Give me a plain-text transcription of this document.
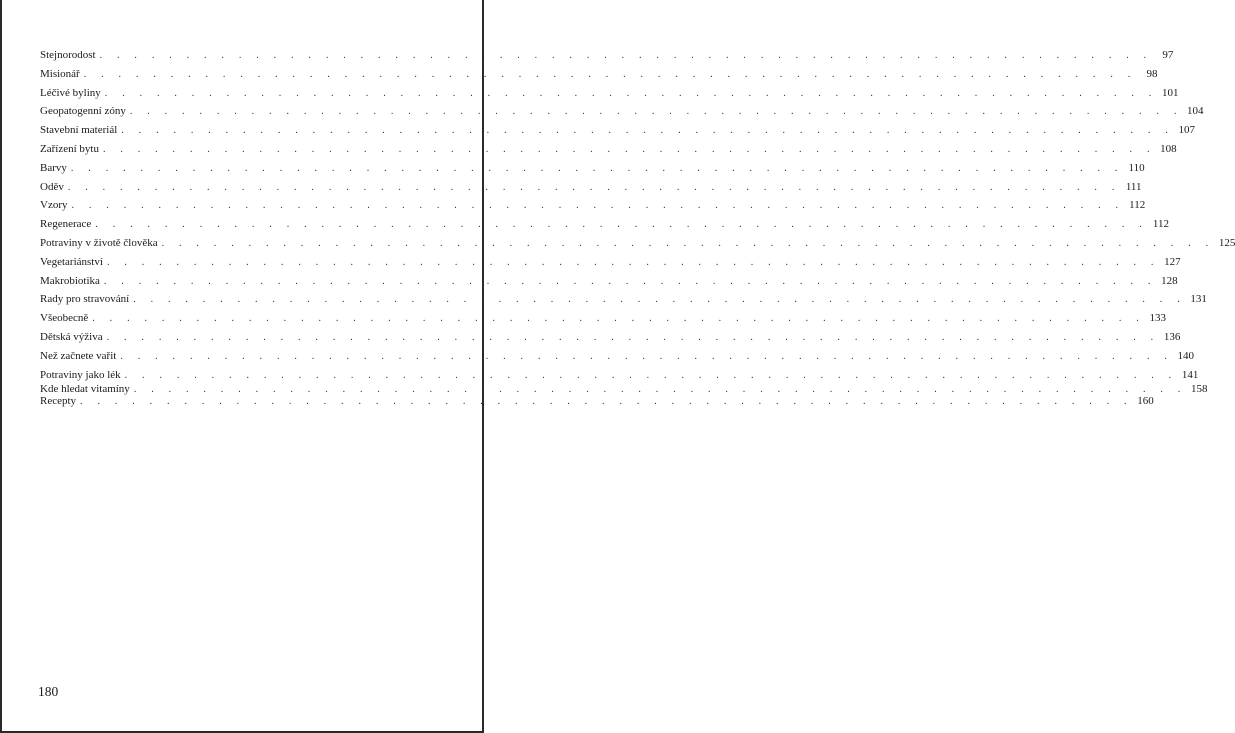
Stejnorodost . . . . . . . . . . . . . . . . . . . . . . . . . . . . . . . . . . . . . . . . . . . . . . . . . . . . . . . . . . . . . 97
Misionář . . . . . . . . . . . . . . . . . . . . . . . . . . . . . . . . . . . . . . . . . . . . . . . . . . . . . . . . . . . . . 98
Léčivé byliny . . . . . . . . . . . . . . . . . . . . . . . . . . . . . . . . . . . . . . . . . . . . . . . . . . . . . . . . . . . . . 101
Geopatogenní zóny . . . . . . . . . . . . . . . . . . . . . . . . . . . . . . . . . . . . . . . . . . . . . . . . . . . . . . . . . . . . . 104
Stavební materiál . . . . . . . . . . . . . . . . . . . . . . . . . . . . . . . . . . . . . . . . . . . . . . . . . . . . . . . . . . . . . 107
Zařízení bytu . . . . . . . . . . . . . . . . . . . . . . . . . . . . . . . . . . . . . . . . . . . . . . . . . . . . . . . . . . . . . 108
Barvy . . . . . . . . . . . . . . . . . . . . . . . . . . . . . . . . . . . . . . . . . . . . . . . . . . . . . . . . . . . . . 110
Oděv . . . . . . . . . . . . . . . . . . . . . . . . . . . . . . . . . . . . . . . . . . . . . . . . . . . . . . . . . . . . . 111
Vzory . . . . . . . . . . . . . . . . . . . . . . . . . . . . . . . . . . . . . . . . . . . . . . . . . . . . . . . . . . . . . 112
Regenerace . . . . . . . . . . . . . . . . . . . . . . . . . . . . . . . . . . . . . . . . . . . . . . . . . . . . . . . . . . . . . 112
Potraviny v životě člověka . . . . . . . . . . . . . . . . . . . . . . . . . . . . . . . . . . . . . . . . . . . . . . . . . . . . . . . . . . . . . 125
Vegetariánství . . . . . . . . . . . . . . . . . . . . . . . . . . . . . . . . . . . . . . . . . . . . . . . . . . . . . . . . . . . . . 127
Makrobiotika . . . . . . . . . . . . . . . . . . . . . . . . . . . . . . . . . . . . . . . . . . . . . . . . . . . . . . . . . . . . . 128
Rady pro stravování . . . . . . . . . . . . . . . . . . . . . . . . . . . . . . . . . . . . . . . . . . . . . . . . . . . . . . . . . . . . . 131
Všeobecně . . . . . . . . . . . . . . . . . . . . . . . . . . . . . . . . . . . . . . . . . . . . . . . . . . . . . . . . . . . . . 133
Dětská výživa . . . . . . . . . . . . . . . . . . . . . . . . . . . . . . . . . . . . . . . . . . . . . . . . . . . . . . . . . . . . . 136
Než začnete vařit . . . . . . . . . . . . . . . . . . . . . . . . . . . . . . . . . . . . . . . . . . . . . . . . . . . . . . . . . . . . . 140
Potraviny jako lék . . . . . . . . . . . . . . . . . . . . . . . . . . . . . . . . . . . . . . . . . . . . . . . . . . . . . . . . . . . . . 141
Kde hledat vitamíny . . . . . . . . . . . . . . . . . . . . . . . . . . . . . . . . . . . . . . . . . . . . . . . . . . . . . . . . . . . . . 158
Recepty . . . . . . . . . . . . . . . . . . . . . . . . . . . . . . . . . . . . . . . . . . . . . . . . . . . . . . . . . . . . . 160
180
